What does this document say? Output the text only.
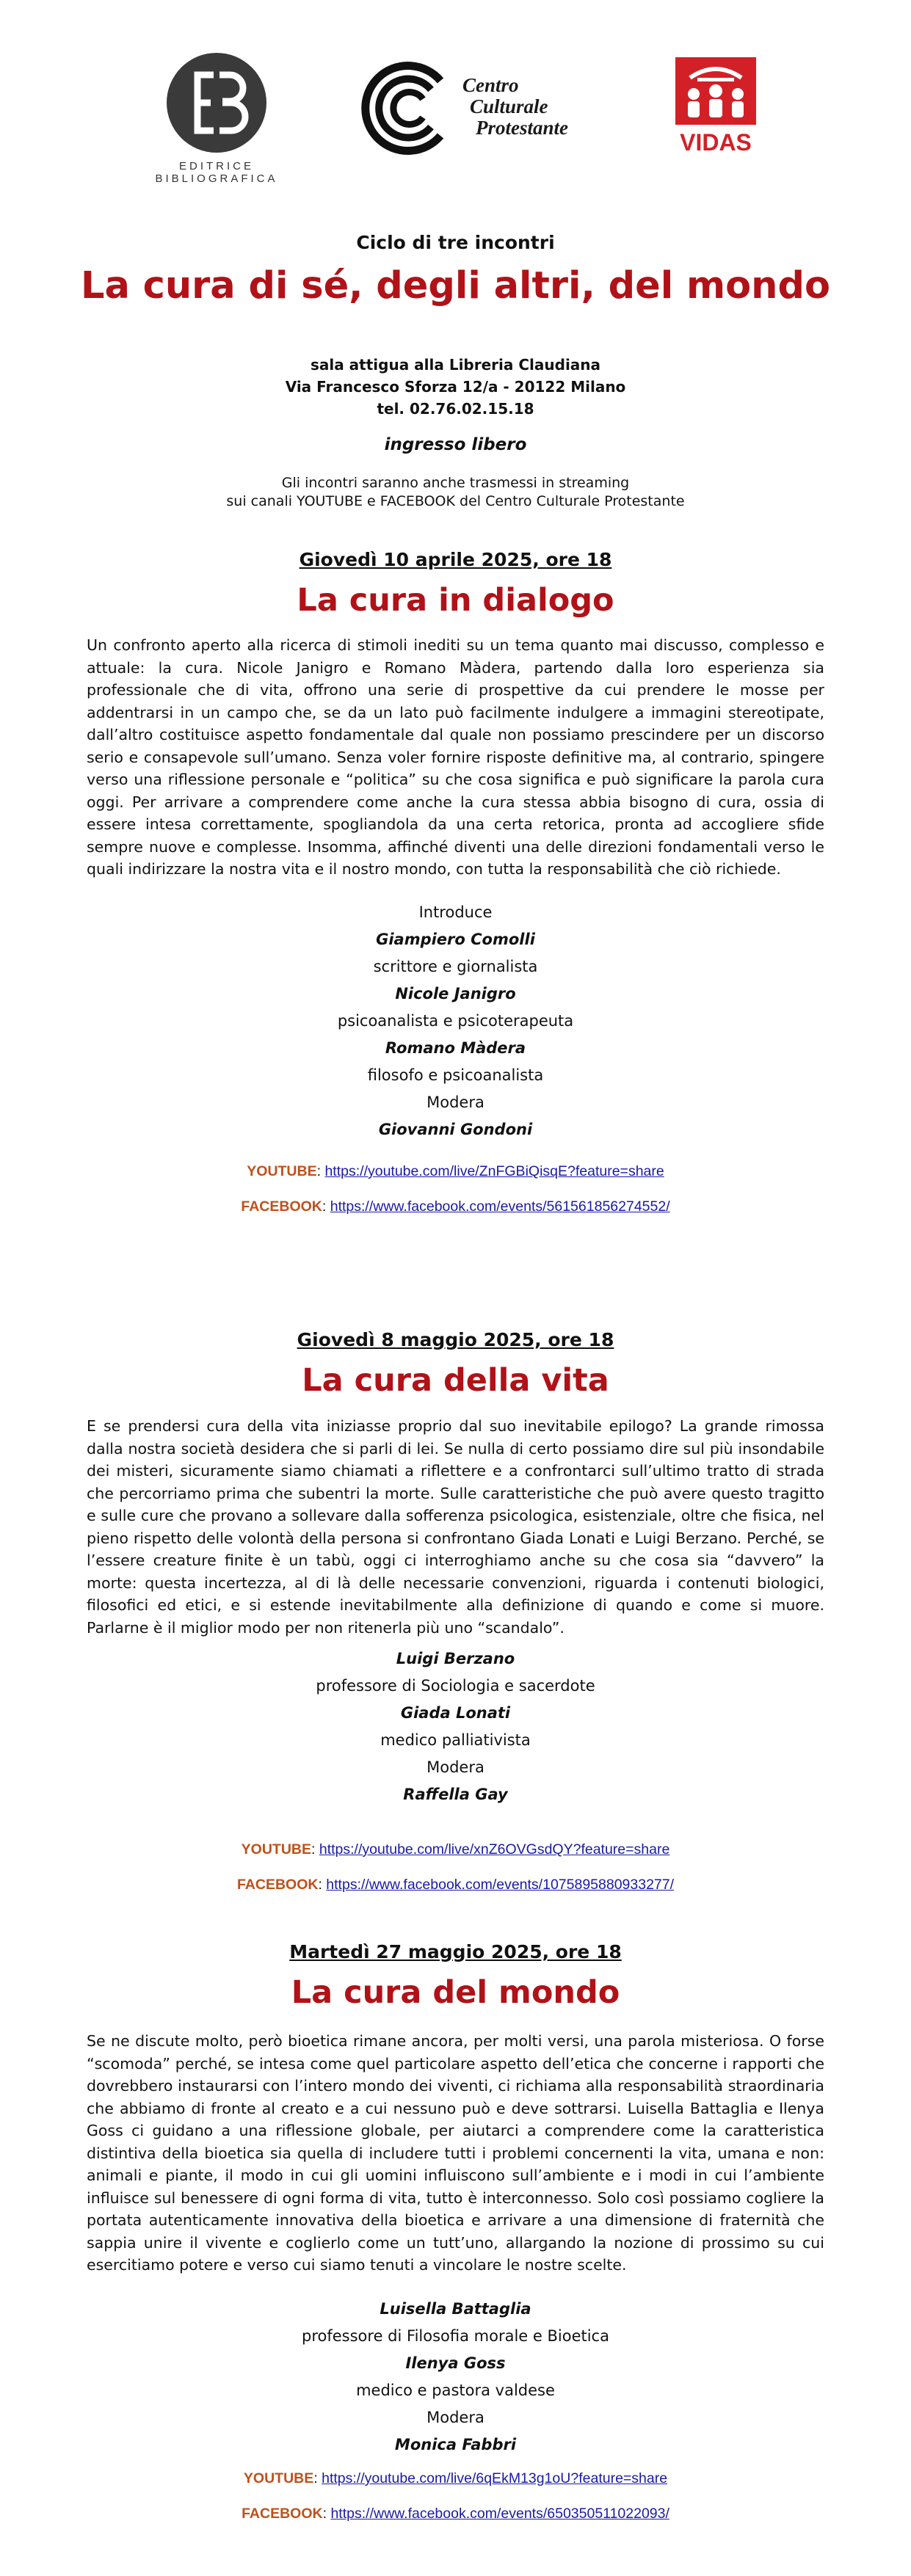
EDITRICE BIBLIOGRAFICA
Centro
Culturale
Protestante
VIDAS
Ciclo di tre incontri
La cura di sé, degli altri, del mondo
sala attigua alla Libreria Claudiana
Via Francesco Sforza 12/a - 20122 Milano
tel. 02.76.02.15.18
ingresso libero
Gli incontri saranno anche trasmessi in streaming
sui canali YOUTUBE e FACEBOOK del Centro Culturale Protestante
Giovedì 10 aprile 2025, ore 18
La cura in dialogo

Un confronto aperto alla ricerca di stimoli inediti su un tema quanto mai discusso, complesso e attuale: la cura. Nicole Janigro e Romano Màdera, partendo dalla loro esperienza sia professionale che di vita, offrono una serie di prospettive da cui prendere le mosse per addentrarsi in un campo che, se da un lato può facilmente indulgere a immagini stereotipate, dall’altro costituisce aspetto fondamentale dal quale non possiamo prescindere per un discorso serio e consapevole sull’umano. Senza voler fornire risposte definitive ma, al contrario, spingere verso una riflessione personale e “politica” su che cosa significa e può significare la parola cura oggi. Per arrivare a comprendere come anche la cura stessa abbia bisogno di cura, ossia di essere intesa correttamente, spogliandola da una certa retorica, pronta ad accogliere sfide sempre nuove e complesse. Insomma, affinché diventi una delle direzioni fondamentali verso le quali indirizzare la nostra vita e il nostro mondo, con tutta la responsabilità che ciò richiede.

Introduce
Giampiero Comolli
scrittore e giornalista
Nicole Janigro
psicoanalista e psicoterapeuta
Romano Màdera
filosofo e psicoanalista
Modera
Giovanni Gondoni
YOUTUBE: https://youtube.com/live/ZnFGBiQisqE?feature=share
FACEBOOK: https://www.facebook.com/events/561561856274552/
Giovedì 8 maggio 2025, ore 18
La cura della vita

E se prendersi cura della vita iniziasse proprio dal suo inevitabile epilogo? La grande rimossa dalla nostra società desidera che si parli di lei. Se nulla di certo possiamo dire sul più insondabile dei misteri, sicuramente siamo chiamati a riflettere e a confrontarci sull’ultimo tratto di strada che percorriamo prima che subentri la morte. Sulle caratteristiche che può avere questo tragitto e sulle cure che provano a sollevare dalla sofferenza psicologica, esistenziale, oltre che fisica, nel pieno rispetto delle volontà della persona si confrontano Giada Lonati e Luigi Berzano. Perché, se l’essere creature finite è un tabù, oggi ci interroghiamo anche su che cosa sia “davvero” la morte: questa incertezza, al di là delle necessarie convenzioni, riguarda i contenuti biologici, filosofici ed etici, e si estende inevitabilmente alla definizione di quando e come si muore. Parlarne è il miglior modo per non ritenerla più uno “scandalo”.

Luigi Berzano
professore di Sociologia e sacerdote
Giada Lonati
medico palliativista
Modera
Raffella Gay
YOUTUBE: https://youtube.com/live/xnZ6OVGsdQY?feature=share
FACEBOOK: https://www.facebook.com/events/1075895880933277/
Martedì 27 maggio 2025, ore 18
La cura del mondo

Se ne discute molto, però bioetica rimane ancora, per molti versi, una parola misteriosa. O forse “scomoda” perché, se intesa come quel particolare aspetto dell’etica che concerne i rapporti che dovrebbero instaurarsi con l’intero mondo dei viventi, ci richiama alla responsabilità straordinaria che abbiamo di fronte al creato e a cui nessuno può e deve sottrarsi. Luisella Battaglia e Ilenya Goss ci guidano a una riflessione globale, per aiutarci a comprendere come la caratteristica distintiva della bioetica sia quella di includere tutti i problemi concernenti la vita, umana e non: animali e piante, il modo in cui gli uomini influiscono sull’ambiente e i modi in cui l’ambiente influisce sul benessere di ogni forma di vita, tutto è interconnesso. Solo così possiamo cogliere la portata autenticamente innovativa della bioetica e arrivare a una dimensione di fraternità che sappia unire il vivente e coglierlo come un tutt’uno, allargando la nozione di prossimo su cui esercitiamo potere e verso cui siamo tenuti a vincolare le nostre scelte.

Luisella Battaglia
professore di Filosofia morale e Bioetica
Ilenya Goss
medico e pastora valdese
Modera
Monica Fabbri
YOUTUBE: https://youtube.com/live/6qEkM13g1oU?feature=share
FACEBOOK: https://www.facebook.com/events/650350511022093/
